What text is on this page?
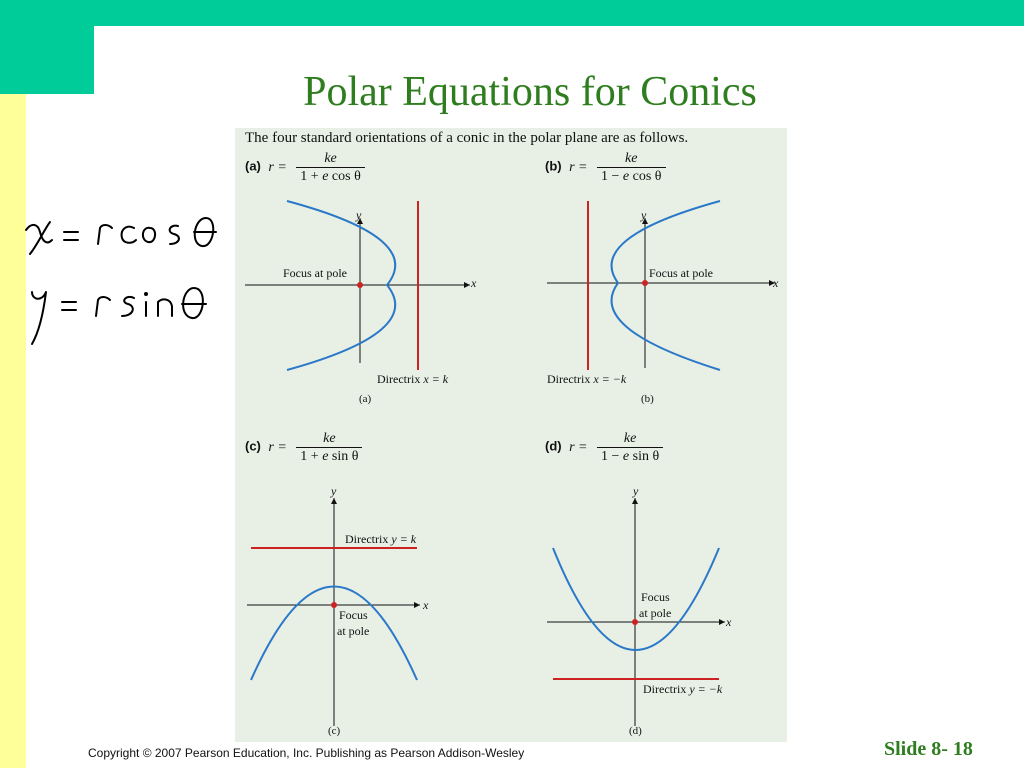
Polar Equations for Conics
The four standard orientations of a conic in the polar plane are as follows.
(a) $r = \frac{ke}{\text{1 + e cos θ}}$	(b) $r = \frac{ke}{\text{1 − e cos θ}}$
(c) $r = \frac{ke}{\text{1 + e sin θ}}$	(d) $r = \frac{ke}{\text{1 − e sin θ}}$
y
x
Focus at pole
Directrix x = k
(a)
y
x
Focus at pole
Directrix x = −k
(b)
y
x
Directrix y = k
Focus
at pole
(c)
y
x
Focus
at pole
Directrix y = −k
(d)
Copyright © 2007 Pearson Education, Inc. Publishing as Pearson Addison-Wesley	Slide 8- 18
